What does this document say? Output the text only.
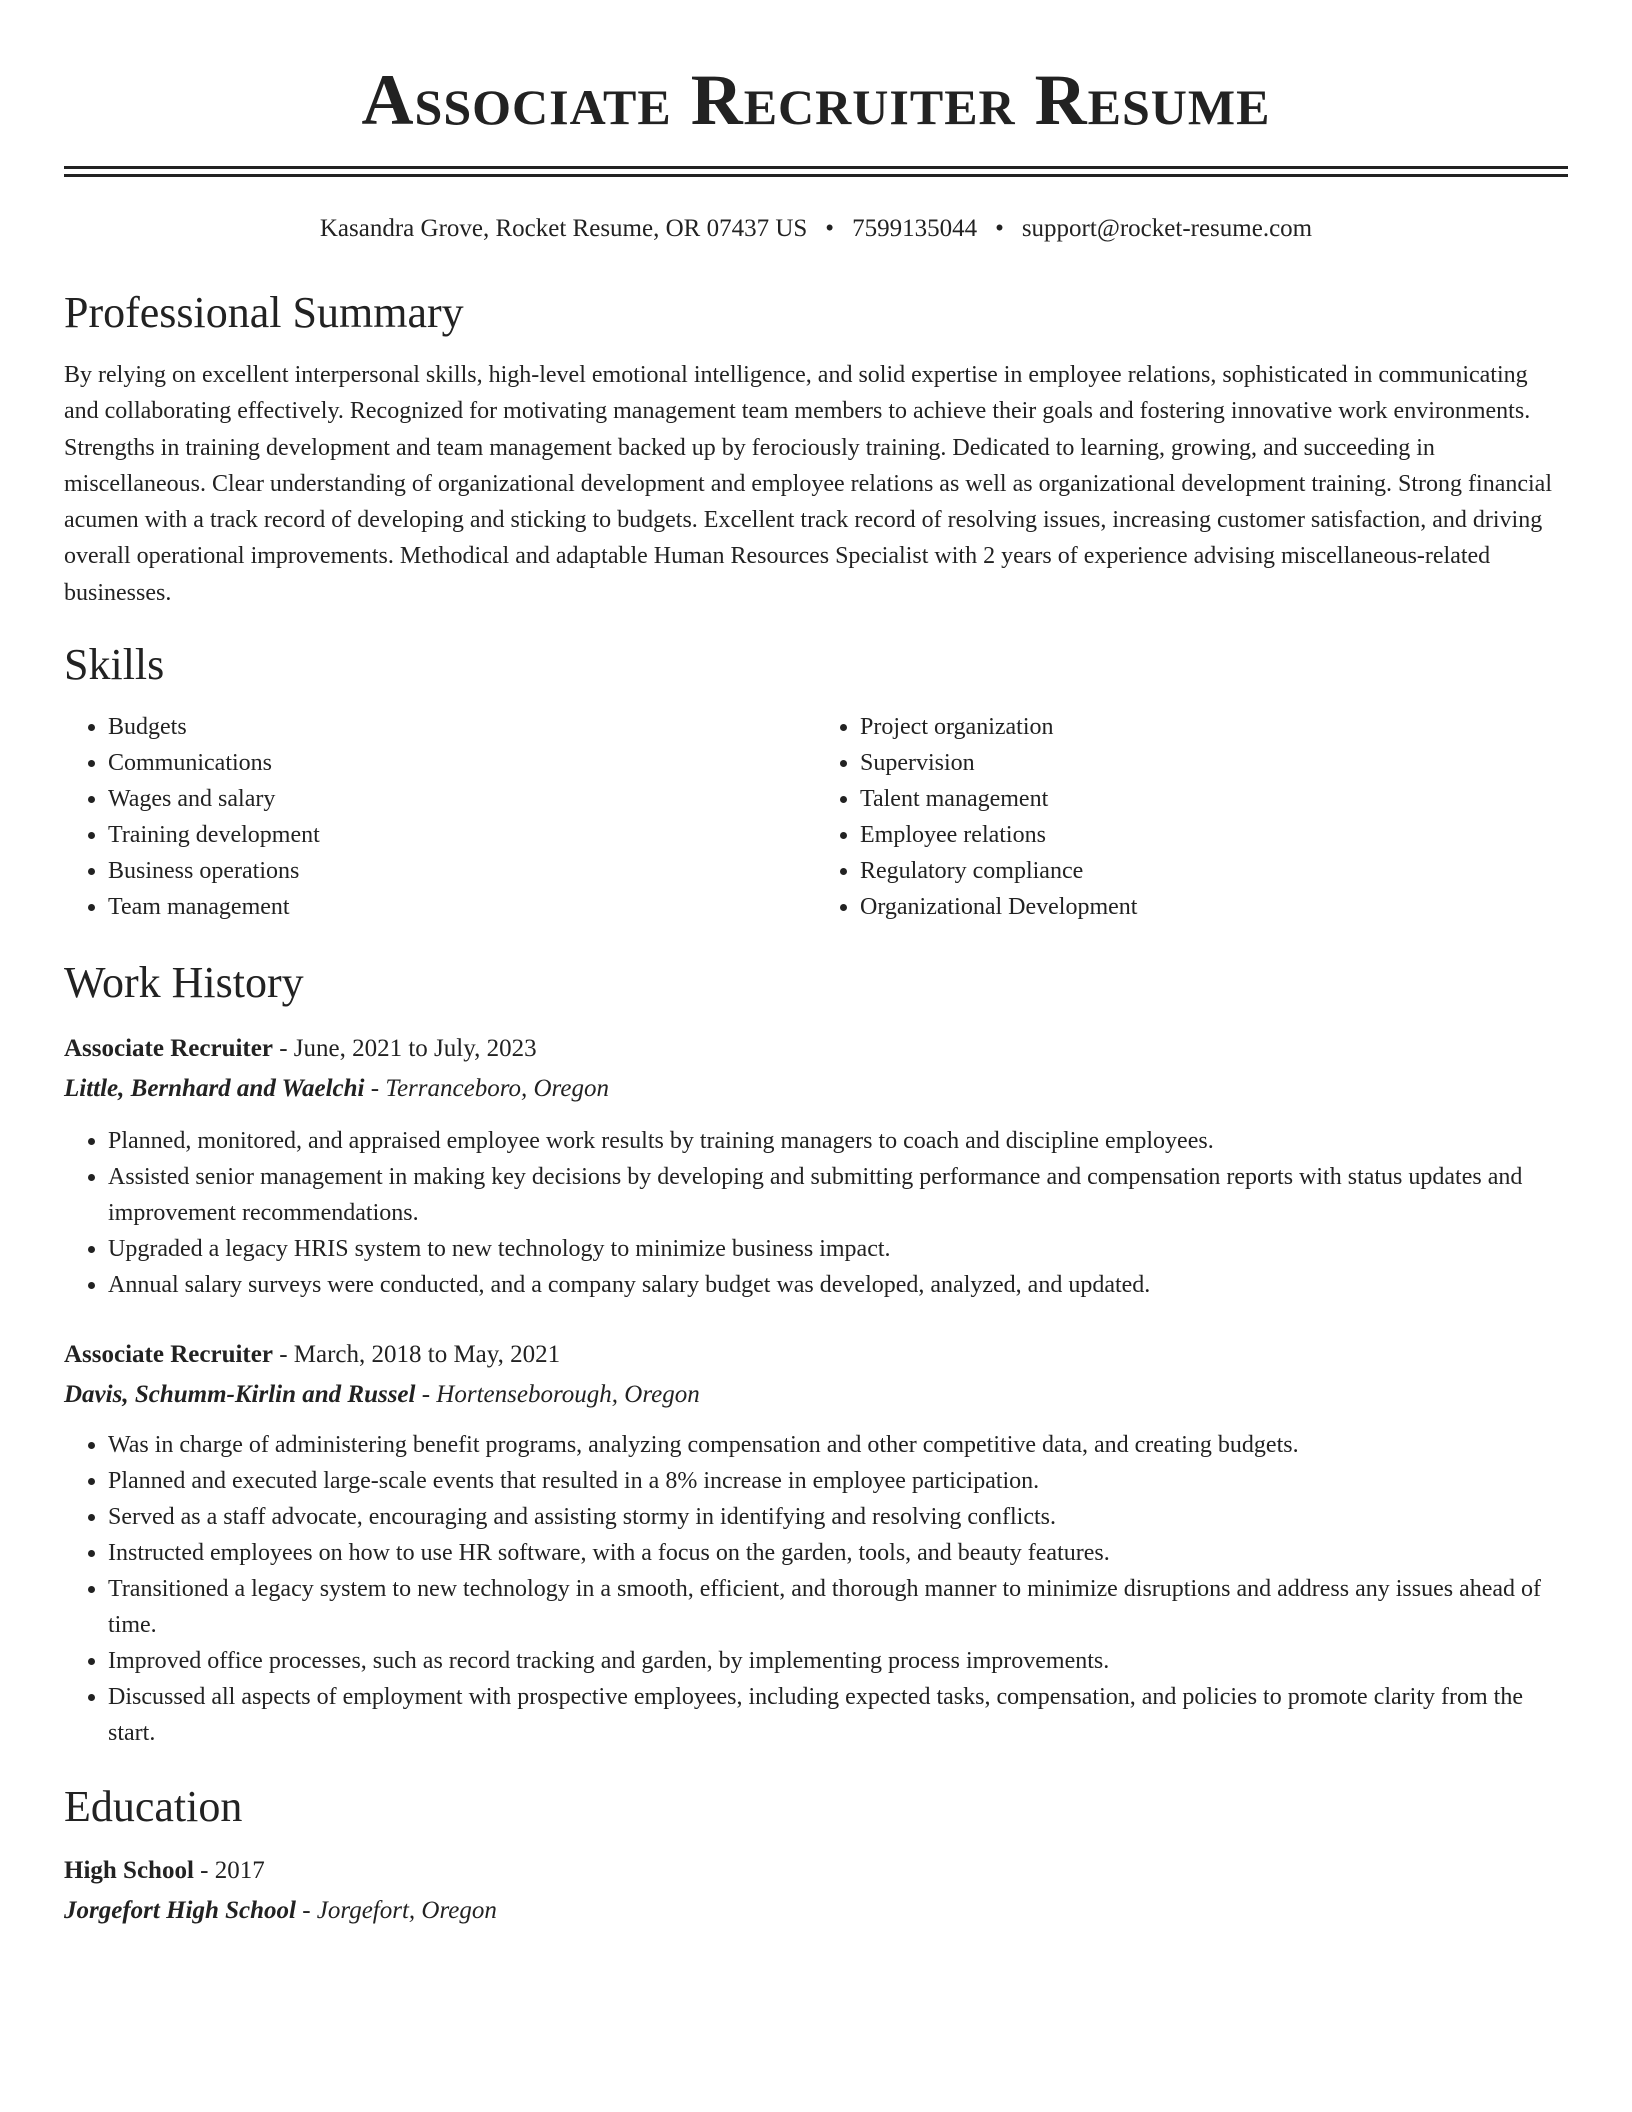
Associate Recruiter Resume
Kasandra Grove, Rocket Resume, OR 07437 US • 7599135044 • support@rocket-resume.com
Professional Summary
By relying on excellent interpersonal skills, high-level emotional intelligence, and solid expertise in employee relations, sophisticated in communicating and collaborating effectively. Recognized for motivating management team members to achieve their goals and fostering innovative work environments. Strengths in training development and team management backed up by ferociously training. Dedicated to learning, growing, and succeeding in miscellaneous. Clear understanding of organizational development and employee relations as well as organizational development training. Strong financial acumen with a track record of developing and sticking to budgets. Excellent track record of resolving issues, increasing customer satisfaction, and driving overall operational improvements. Methodical and adaptable Human Resources Specialist with 2 years of experience advising miscellaneous-related businesses.
Skills
• Budgets
• Communications
• Wages and salary
• Training development
• Business operations
• Team management
• Project organization
• Supervision
• Talent management
• Employee relations
• Regulatory compliance
• Organizational Development
Work History
Associate Recruiter - June, 2021 to July, 2023
Little, Bernhard and Waelchi - Terranceboro, Oregon
• Planned, monitored, and appraised employee work results by training managers to coach and discipline employees.
• Assisted senior management in making key decisions by developing and submitting performance and compensation reports with status updates and improvement recommendations.
• Upgraded a legacy HRIS system to new technology to minimize business impact.
• Annual salary surveys were conducted, and a company salary budget was developed, analyzed, and updated.
Associate Recruiter - March, 2018 to May, 2021
Davis, Schumm-Kirlin and Russel - Hortenseborough, Oregon
• Was in charge of administering benefit programs, analyzing compensation and other competitive data, and creating budgets.
• Planned and executed large-scale events that resulted in a 8% increase in employee participation.
• Served as a staff advocate, encouraging and assisting stormy in identifying and resolving conflicts.
• Instructed employees on how to use HR software, with a focus on the garden, tools, and beauty features.
• Transitioned a legacy system to new technology in a smooth, efficient, and thorough manner to minimize disruptions and address any issues ahead of time.
• Improved office processes, such as record tracking and garden, by implementing process improvements.
• Discussed all aspects of employment with prospective employees, including expected tasks, compensation, and policies to promote clarity from the start.
Education
High School - 2017
Jorgefort High School - Jorgefort, Oregon
